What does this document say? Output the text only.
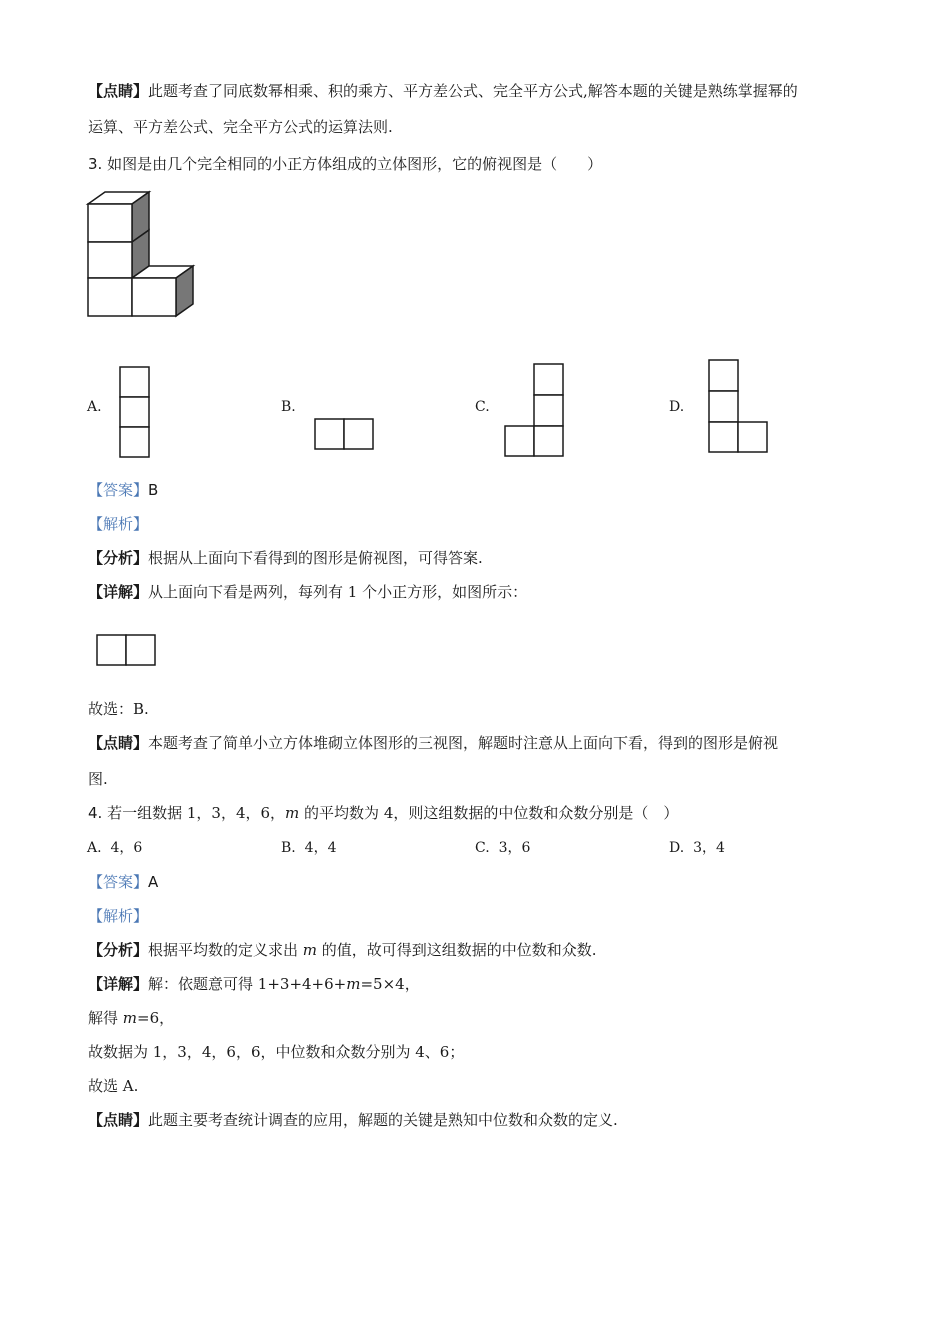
【点睛】此题考查了同底数幂相乘、积的乘方、平方差公式、完全平方公式,解答本题的关键是熟练掌握幂的
运算、平方差公式、完全平方公式的运算法则.
3. 如图是由几个完全相同的小正方体组成的立体图形，它的俯视图是（　　）
A.	B.	C.	D.
【答案】B
【解析】
【分析】根据从上面向下看得到的图形是俯视图，可得答案.
【详解】从上面向下看是两列，每列有 1 个小正方形，如图所示：
故选：B.
【点睛】本题考查了简单小立方体堆砌立体图形的三视图，解题时注意从上面向下看，得到的图形是俯视
图.
4. 若一组数据 1，3，4，6，m 的平均数为 4，则这组数据的中位数和众数分别是（　）
A. 4，6	B. 4，4	C. 3，6	D. 3，4
【答案】A
【解析】
【分析】根据平均数的定义求出 m 的值，故可得到这组数据的中位数和众数.
【详解】解：依题意可得 1+3+4+6+m=5×4，
解得 m=6，
故数据为 1，3，4，6，6，中位数和众数分别为 4、6；
故选 A.
【点睛】此题主要考查统计调查的应用，解题的关键是熟知中位数和众数的定义.
